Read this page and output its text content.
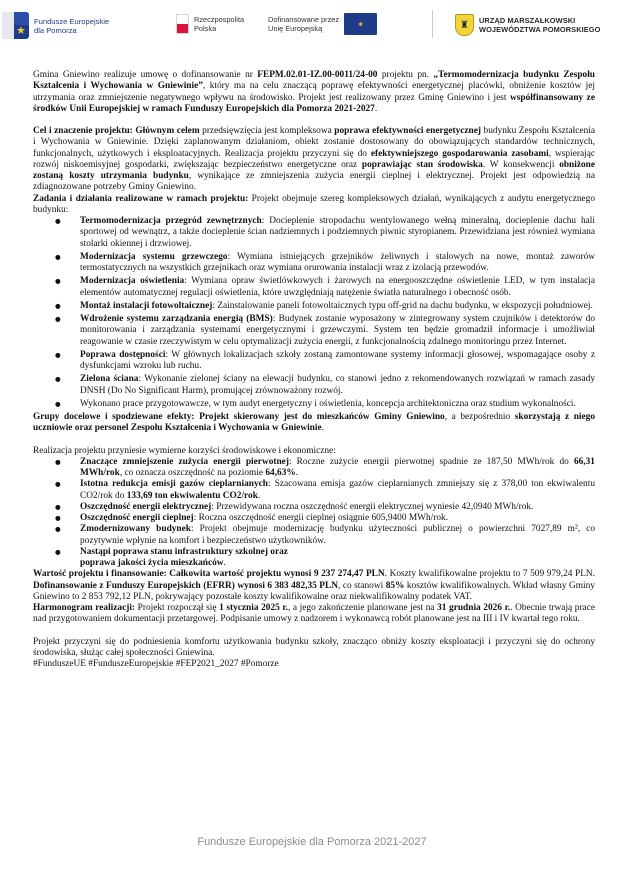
★
Fundusze Europejskie
dla Pomorza
Rzeczpospolita
Polska
Dofinansowane przez
Unię Europejską	✶	♜	URZĄD MARSZAŁKOWSKI
WOJEWÓDZTWA POMORSKIEGO

Gmina Gniewino realizuje umowę o dofinansowanie nr FEPM.02.01-IZ.00-0011/24-00 projektu pn. „Termomodernizacja budynku Zespołu Kształcenia i Wychowania w Gniewinie”, który ma na celu znaczącą poprawę efektywności energetycznej placówki, obniżenie kosztów jej utrzymania oraz zmniejszenie negatywnego wpływu na środowisko. Projekt jest realizowany przez Gminę Gniewino i jest współfinansowany ze środków Unii Europejskiej w ramach Funduszy Europejskich dla Pomorza 2021-2027.

Cel i znaczenie projektu: Głównym celem przedsięwzięcia jest kompleksowa poprawa efektywności energetycznej budynku Zespołu Kształcenia i Wychowania w Gniewinie. Dzięki zaplanowanym działaniom, obiekt zostanie dostosowany do obowiązujących standardów technicznych, funkcjonalnych, użytkowych i eksploatacyjnych. Realizacja projektu przyczyni się do efektywniejszego gospodarowania zasobami, wspierając rozwój niskoemisyjnej gospodarki, zwiększając bezpieczeństwo energetyczne oraz poprawiając stan środowiska. W konsekwencji obniżone zostaną koszty utrzymania budynku, wynikające ze zmniejszenia zużycia energii cieplnej i elektrycznej. Projekt jest odpowiedzią na zdiagnozowane potrzeby Gminy Gniewino.

Zadania i działania realizowane w ramach projektu: Projekt obejmuje szereg kompleksowych działań, wynikających z audytu energetycznego budynku:

● Termomodernizacja przegród zewnętrznych: Docieplenie stropodachu wentylowanego wełną mineralną, docieplenie dachu hali sportowej od wewnątrz, a także docieplenie ścian nadziemnych i podziemnych piwnic styropianem. Przewidziana jest również wymiana stolarki okiennej i drzwiowej.
● Modernizacja systemu grzewczego: Wymiana istniejących grzejników żeliwnych i stalowych na nowe, montaż zaworów termostatycznych na wszystkich grzejnikach oraz wymiana orurowania instalacji wraz z izolacją przewodów.
● Modernizacja oświetlenia: Wymiana opraw świetlówkowych i żarowych na energooszczędne oświetlenie LED, w tym instalacja elementów automatycznej regulacji oświetlenia, które uwzględniają natężenie światła naturalnego i obecność osób.
● Montaż instalacji fotowoltaicznej: Zainstalowanie paneli fotowoltaicznych typu off-grid na dachu budynku, w ekspozycji południowej.
● Wdrożenie systemu zarządzania energią (BMS): Budynek zostanie wyposażony w zintegrowany system czujników i detektorów do monitorowania i zarządzania systemami energetycznymi i grzewczymi. System ten będzie gromadził informacje i umożliwiał reagowanie w czasie rzeczywistym w celu optymalizacji zużycia energii, z funkcjonalnością zdalnego monitoringu przez Internet.
● Poprawa dostępności: W głównych lokalizacjach szkoły zostaną zamontowane systemy informacji głosowej, wspomagające osoby z dysfunkcjami wzroku lub ruchu.
● Zielona ściana: Wykonanie zielonej ściany na elewacji budynku, co stanowi jedno z rekomendowanych rozwiązań w ramach zasady DNSH (Do No Significant Harm), promującej zrównoważony rozwój.
● Wykonano prace przygotowawcze, w tym audyt energetyczny i oświetlenia, koncepcja architektoniczna oraz studium wykonalności.

Grupy docelowe i spodziewane efekty: Projekt skierowany jest do mieszkańców Gminy Gniewino, a bezpośrednio skorzystają z niego uczniowie oraz personel Zespołu Kształcenia i Wychowania w Gniewinie.

Realizacja projektu przyniesie wymierne korzyści środowiskowe i ekonomiczne:

● Znaczące zmniejszenie zużycia energii pierwotnej: Roczne zużycie energii pierwotnej spadnie ze 187,50 MWh/rok do 66,31 MWh/rok, co oznacza oszczędność na poziomie 64,63%.
● Istotna redukcja emisji gazów cieplarnianych: Szacowana emisja gazów cieplarnianych zmniejszy się z 378,00 ton ekwiwalentu CO2/rok do 133,69 ton ekwiwalentu CO2/rok.
● Oszczędność energii elektrycznej: Przewidywana roczna oszczędność energii elektrycznej wyniesie 42,0940 MWh/rok.
● Oszczędność energii cieplnej: Roczna oszczędność energii cieplnej osiągnie 605,9400 MWh/rok.
● Zmodernizowany budynek: Projekt obejmuje modernizację budynku użyteczności publicznej o powierzchni 7027,89 m², co pozytywnie wpłynie na komfort i bezpieczeństwo użytkowników.
● Nastąpi poprawa stanu infrastruktury szkolnej oraz poprawa jakości życia mieszkańców.

Wartość projektu i finansowanie: Całkowita wartość projektu wynosi 9 237 274,47 PLN. Koszty kwalifikowalne projektu to 7 509 979,24 PLN. Dofinansowanie z Funduszy Europejskich (EFRR) wynosi 6 383 482,35 PLN, co stanowi 85% kosztów kwalifikowalnych. Wkład własny Gminy Gniewino to 2 853 792,12 PLN, pokrywający pozostałe koszty kwalifikowalne oraz niekwalifikowalny podatek VAT.

Harmonogram realizacji: Projekt rozpoczął się 1 stycznia 2025 r., a jego zakończenie planowane jest na 31 grudnia 2026 r.. Obecnie trwają prace nad przygotowaniem dokumentacji przetargowej. Podpisanie umowy z nadzorem i wykonawcą robót planowane jest na III i IV kwartał tego roku.

Projekt przyczyni się do podniesienia komfortu użytkowania budynku szkoły, znacząco obniży koszty eksploatacji i przyczyni się do ochrony środowiska, służąc całej społeczności Gniewina.

#FunduszeUE #FunduszeEuropejskie #FEP2021_2027 #Pomorze

Fundusze Europejskie dla Pomorza 2021-2027
